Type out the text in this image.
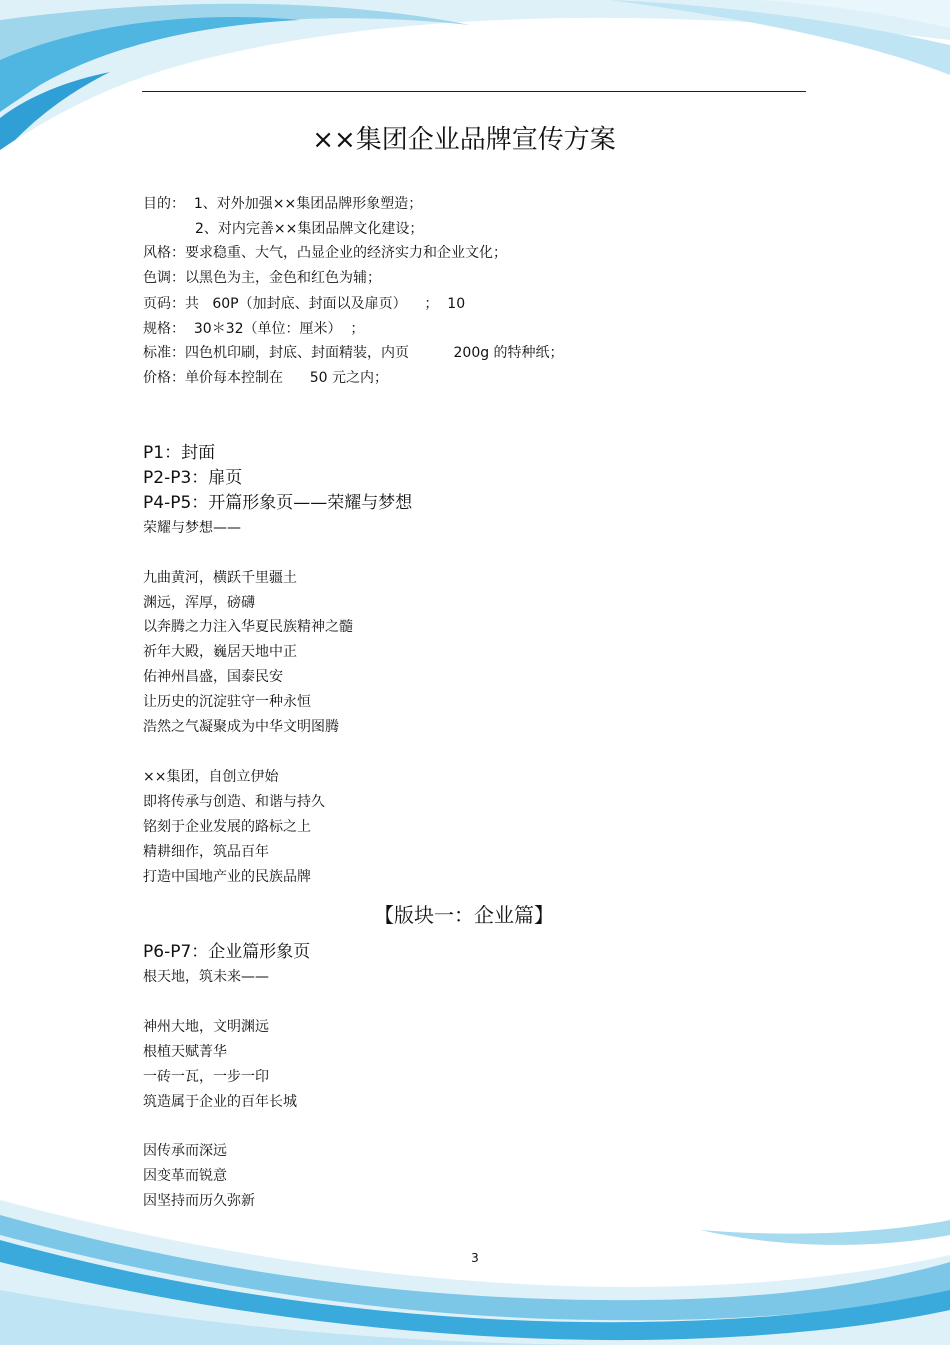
××集团企业品牌宣传方案
目的：  1、对外加强××集团品牌形象塑造；
2、对内完善××集团品牌文化建设；
风格：要求稳重、大气，凸显企业的经济实力和企业文化；
色调：以黑色为主，金色和红色为辅；
页码：共   60P（加封底、封面以及扉页）    ；  10
规格：  30＊32（单位：厘米）  ；
标准：四色机印刷，封底、封面精装，内页          200g 的特种纸；
价格：单价每本控制在      50 元之内；
P1：封面
P2-P3：扉页
P4-P5：开篇形象页——荣耀与梦想
荣耀与梦想——
九曲黄河，横跃千里疆土
渊远，浑厚，磅礴
以奔腾之力注入华夏民族精神之髓
祈年大殿，巍居天地中正
佑神州昌盛，国泰民安
让历史的沉淀驻守一种永恒
浩然之气凝聚成为中华文明图腾
××集团，自创立伊始
即将传承与创造、和谐与持久
铭刻于企业发展的路标之上
精耕细作，筑品百年
打造中国地产业的民族品牌
【版块一：企业篇】
P6-P7：企业篇形象页
根天地，筑未来——
神州大地，文明渊远
根植天赋菁华
一砖一瓦，一步一印
筑造属于企业的百年长城
因传承而深远
因变革而锐意
因坚持而历久弥新
3
